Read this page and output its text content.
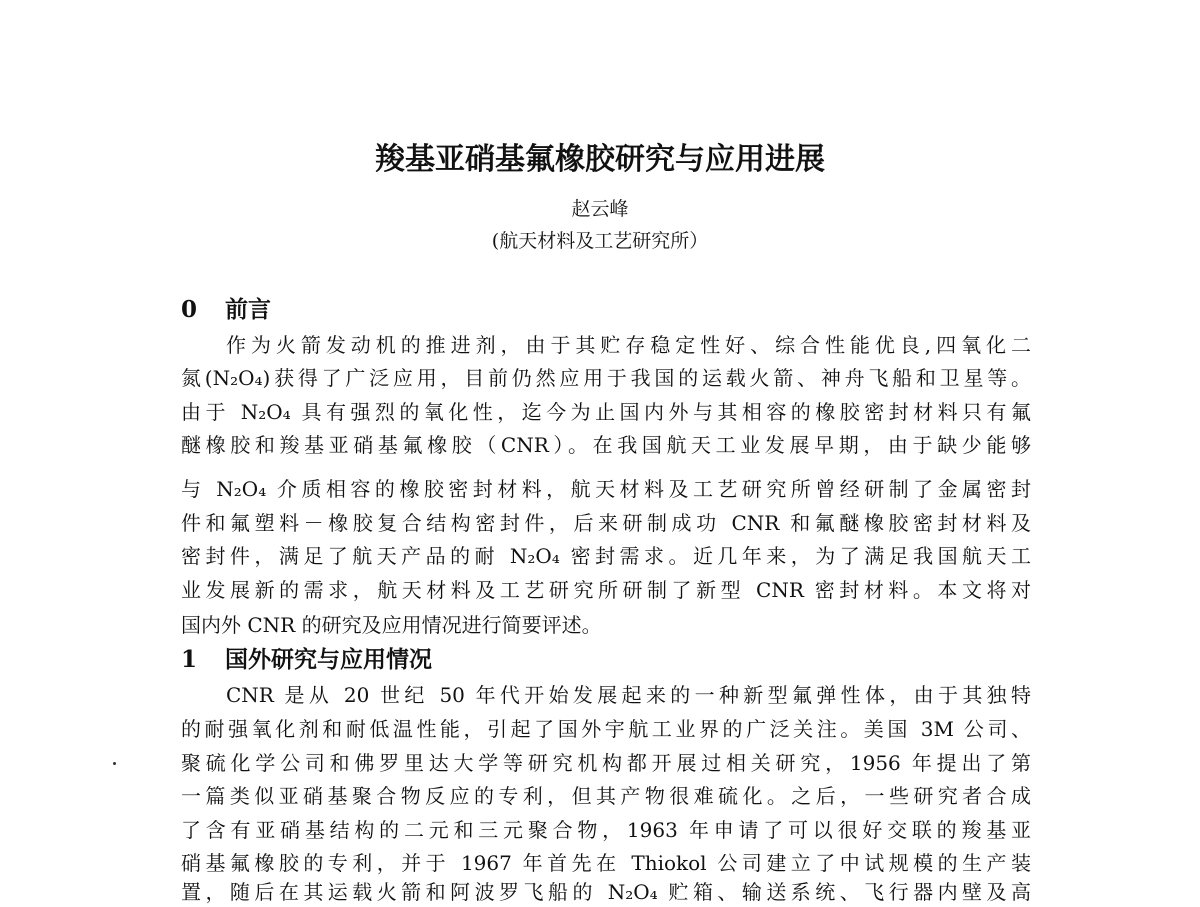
羧基亚硝基氟橡胶研究与应用进展
赵云峰
(航天材料及工艺研究所）
0 前言
作为火箭发动机的推进剂，由于其贮存稳定性好、综合性能优良,四氧化二
氮(N₂O₄)获得了广泛应用，目前仍然应用于我国的运载火箭、神舟飞船和卫星等。
由于 N₂O₄ 具有强烈的氧化性，迄今为止国内外与其相容的橡胶密封材料只有氟
醚橡胶和羧基亚硝基氟橡胶（CNR）。在我国航天工业发展早期，由于缺少能够
与 N₂O₄ 介质相容的橡胶密封材料，航天材料及工艺研究所曾经研制了金属密封
件和氟塑料－橡胶复合结构密封件，后来研制成功 CNR 和氟醚橡胶密封材料及
密封件，满足了航天产品的耐 N₂O₄ 密封需求。近几年来，为了满足我国航天工
业发展新的需求，航天材料及工艺研究所研制了新型 CNR 密封材料。本文将对
国内外 CNR 的研究及应用情况进行简要评述。
1 国外研究与应用情况
CNR 是从 20 世纪 50 年代开始发展起来的一种新型氟弹性体，由于其独特
的耐强氧化剂和耐低温性能，引起了国外宇航工业界的广泛关注。美国 3M 公司、
聚硫化学公司和佛罗里达大学等研究机构都开展过相关研究，1956 年提出了第
一篇类似亚硝基聚合物反应的专利，但其产物很难硫化。之后，一些研究者合成
了含有亚硝基结构的二元和三元聚合物，1963 年申请了可以很好交联的羧基亚
硝基氟橡胶的专利，并于 1967 年首先在 Thiokol 公司建立了中试规模的生产装
置，随后在其运载火箭和阿波罗飞船的 N₂O₄ 贮箱、输送系统、飞行器内壁及高
